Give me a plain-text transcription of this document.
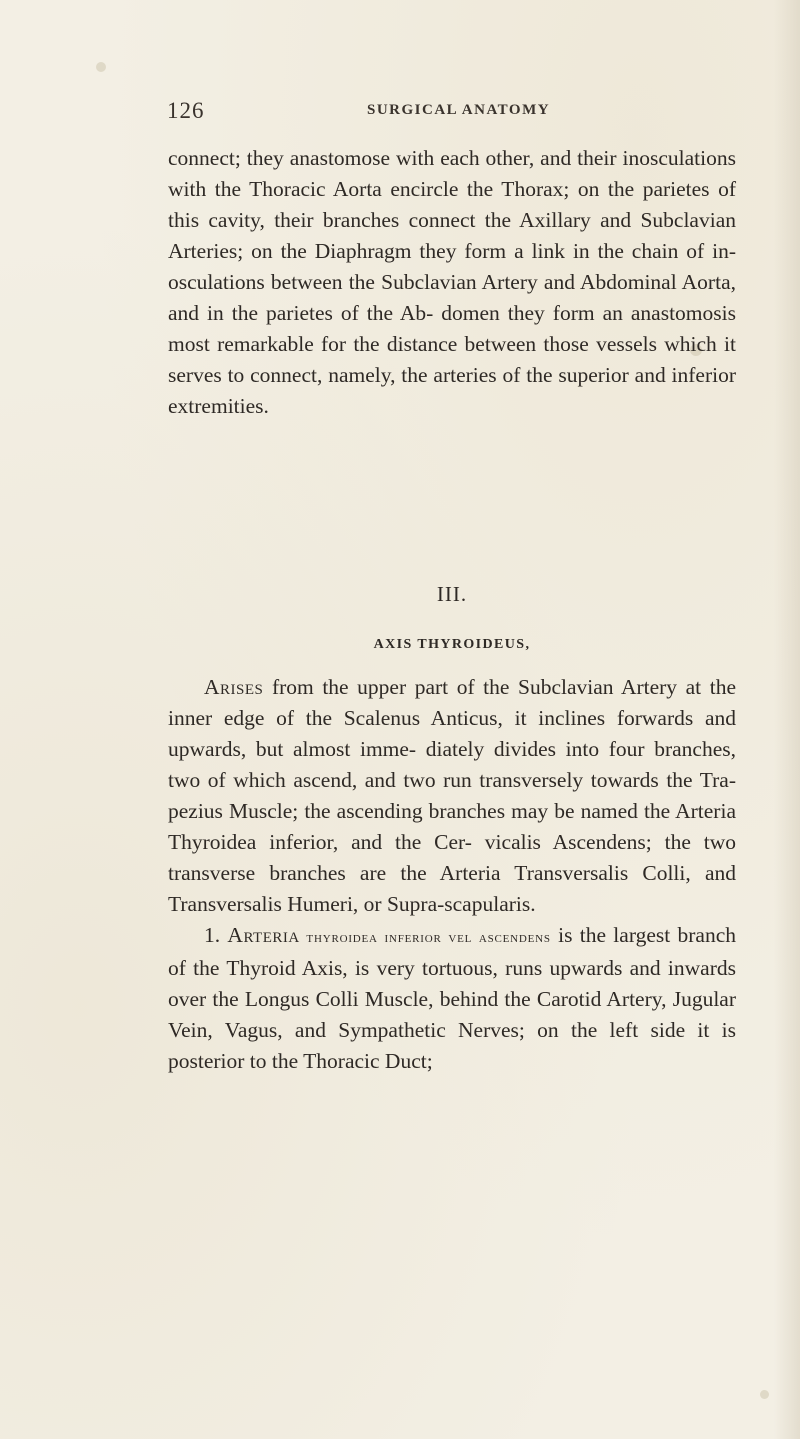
126	SURGICAL ANATOMY

connect; they anastomose with each other, and their inosculations with the Thoracic Aorta encircle the Thorax; on the parietes of this cavity, their branches connect the Axillary and Subclavian Arteries; on the Diaphragm they form a link in the chain of in- osculations between the Subclavian Artery and Abdominal Aorta, and in the parietes of the Ab- domen they form an anastomosis most remarkable for the distance between those vessels which it serves to connect, namely, the arteries of the superior and inferior extremities.

III.
AXIS THYROIDEUS,

Arises from the upper part of the Subclavian Artery at the inner edge of the Scalenus Anticus, it inclines forwards and upwards, but almost imme- diately divides into four branches, two of which ascend, and two run transversely towards the Tra- pezius Muscle; the ascending branches may be named the Arteria Thyroidea inferior, and the Cer- vicalis Ascendens; the two transverse branches are the Arteria Transversalis Colli, and Transversalis Humeri, or Supra-scapularis.

1. Arteria thyroidea inferior vel ascendens is the largest branch of the Thyroid Axis, is very tortuous, runs upwards and inwards over the Longus Colli Muscle, behind the Carotid Artery, Jugular Vein, Vagus, and Sympathetic Nerves; on the left side it is posterior to the Thoracic Duct;
